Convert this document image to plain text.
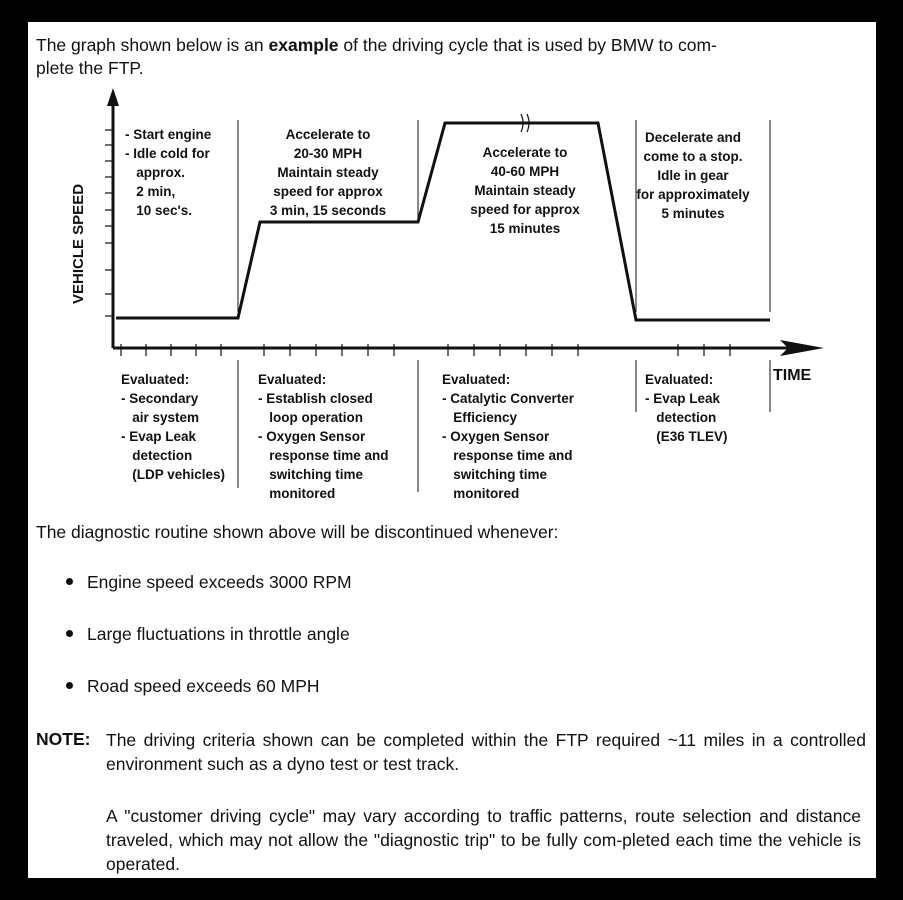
The graph shown below is an example of the driving cycle that is used by BMW to com-
plete the FTP.
VEHICLE SPEED
TIME
- Start engine
- Idle cold for
approx.
2 min,
10 sec's.
Accelerate to
20-30 MPH
Maintain steady
speed for approx
3 min, 15 seconds
Accelerate to
40-60 MPH
Maintain steady
speed for approx
15 minutes
Decelerate and
come to a stop.
Idle in gear
for approximately
5 minutes
Evaluated:
- Secondary
air system
- Evap Leak
detection
(LDP vehicles)
Evaluated:
- Establish closed
loop operation
- Oxygen Sensor
response time and
switching time
monitored
Evaluated:
- Catalytic Converter
Efficiency
- Oxygen Sensor
response time and
switching time
monitored
Evaluated:
- Evap Leak
detection
(E36 TLEV)
The diagnostic routine shown above will be discontinued whenever:
Engine speed exceeds 3000 RPM
Large fluctuations in throttle angle
Road speed exceeds 60 MPH
NOTE: The driving criteria shown can be completed within the FTP required ~11 miles in a controlled environment such as a dyno test or test track.
A "customer driving cycle" may vary according to traffic patterns, route selection and distance traveled, which may not allow the "diagnostic trip" to be fully com-pleted each time the vehicle is operated.
